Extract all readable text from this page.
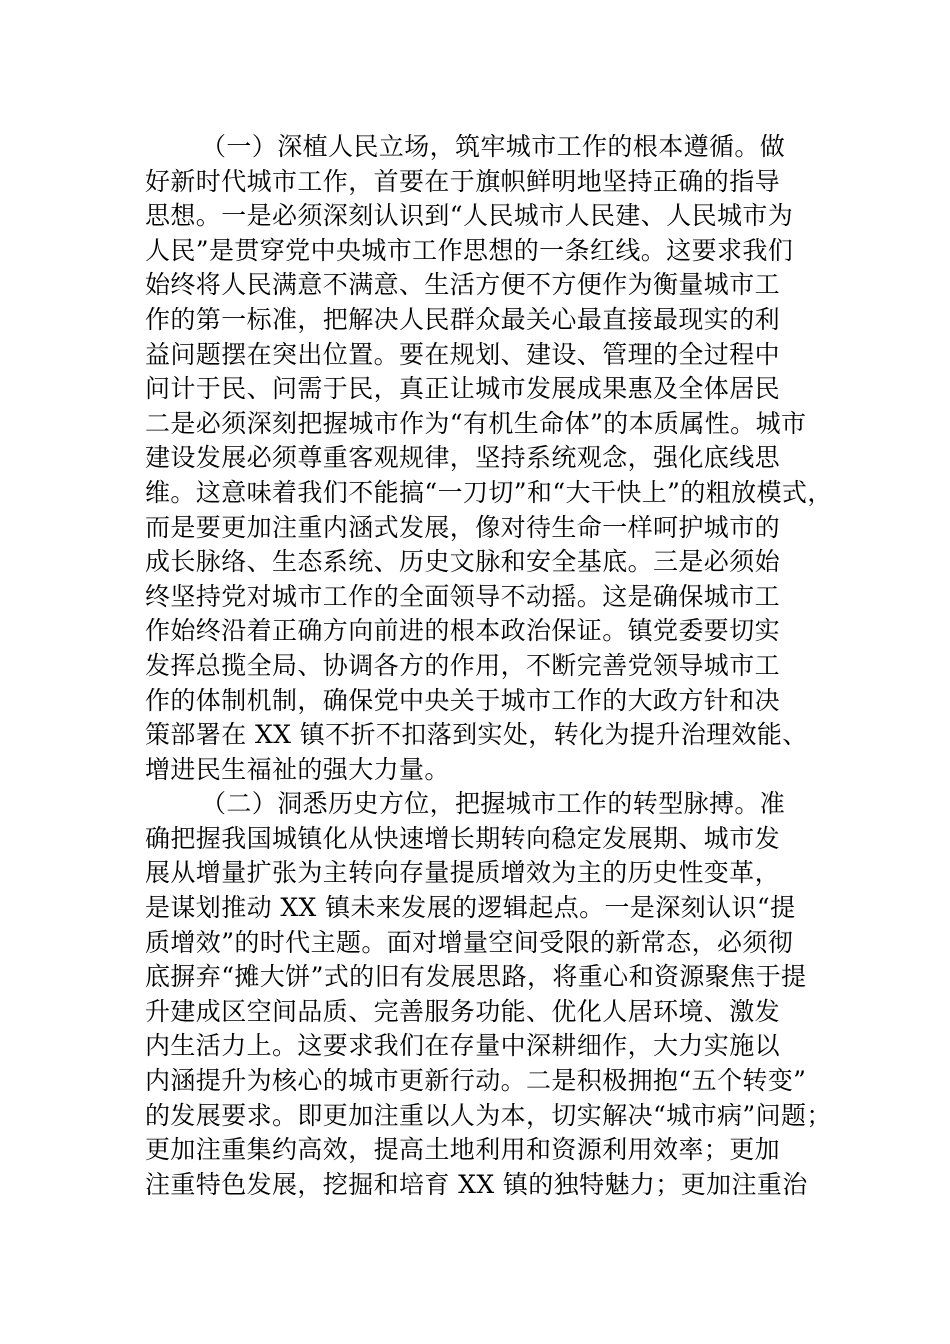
（一）深植人民立场，筑牢城市工作的根本遵循。做
好新时代城市工作，首要在于旗帜鲜明地坚持正确的指导
思想。一是必须深刻认识到“人民城市人民建、人民城市为
人民”是贯穿党中央城市工作思想的一条红线。这要求我们
始终将人民满意不满意、生活方便不方便作为衡量城市工
作的第一标准，把解决人民群众最关心最直接最现实的利
益问题摆在突出位置。要在规划、建设、管理的全过程中
问计于民、问需于民，真正让城市发展成果惠及全体居民
二是必须深刻把握城市作为“有机生命体”的本质属性。城市
建设发展必须尊重客观规律，坚持系统观念，强化底线思
维。这意味着我们不能搞“一刀切”和“大干快上”的粗放模式，
而是要更加注重内涵式发展，像对待生命一样呵护城市的
成长脉络、生态系统、历史文脉和安全基底。三是必须始
终坚持党对城市工作的全面领导不动摇。这是确保城市工
作始终沿着正确方向前进的根本政治保证。镇党委要切实
发挥总揽全局、协调各方的作用，不断完善党领导城市工
作的体制机制，确保党中央关于城市工作的大政方针和决
策部署在 XX 镇不折不扣落到实处，转化为提升治理效能、
增进民生福祉的强大力量。
（二）洞悉历史方位，把握城市工作的转型脉搏。准
确把握我国城镇化从快速增长期转向稳定发展期、城市发
展从增量扩张为主转向存量提质增效为主的历史性变革，
是谋划推动 XX 镇未来发展的逻辑起点。一是深刻认识“提
质增效”的时代主题。面对增量空间受限的新常态，必须彻
底摒弃“摊大饼”式的旧有发展思路，将重心和资源聚焦于提
升建成区空间品质、完善服务功能、优化人居环境、激发
内生活力上。这要求我们在存量中深耕细作，大力实施以
内涵提升为核心的城市更新行动。二是积极拥抱“五个转变”
的发展要求。即更加注重以人为本，切实解决“城市病”问题；
更加注重集约高效，提高土地利用和资源利用效率；更加
注重特色发展，挖掘和培育 XX 镇的独特魅力；更加注重治
